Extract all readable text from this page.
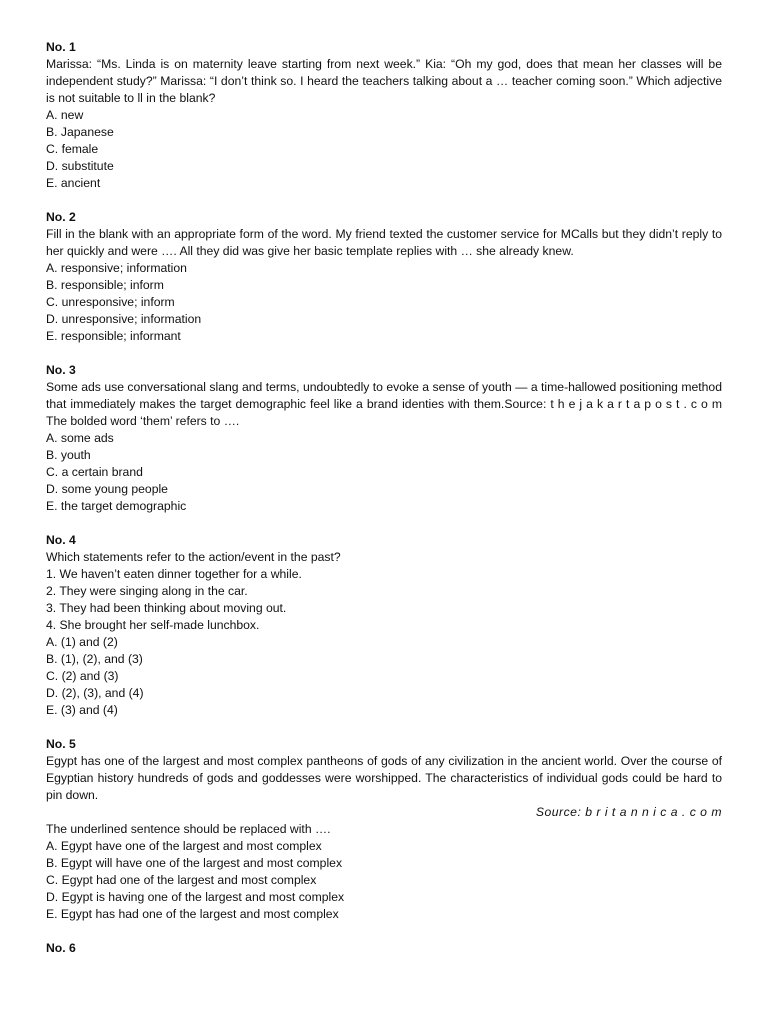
No. 1
Marissa: “Ms. Linda is on maternity leave starting from next week.” Kia: “Oh my god, does that mean her classes will be independent study?” Marissa: “I don’t think so. I heard the teachers talking about a … teacher coming soon.” Which adjective is not suitable to ll in the blank?
A. new
B. Japanese
C. female
D. substitute
E. ancient
No. 2
Fill in the blank with an appropriate form of the word. My friend texted the customer service for MCalls but they didn’t reply to her quickly and were …. All they did was give her basic template replies with … she already knew.
A. responsive; information
B. responsible; inform
C. unresponsive; inform
D. unresponsive; information
E. responsible; informant
No. 3
Some ads use conversational slang and terms, undoubtedly to evoke a sense of youth — a time-hallowed positioning method that immediately makes the target demographic feel like a brand identies with them.Source: t h e j a k a r t a p o s t . c o m The bolded word ‘them’ refers to ….
A. some ads
B. youth
C. a certain brand
D. some young people
E. the target demographic
No. 4
Which statements refer to the action/event in the past?
1. We haven’t eaten dinner together for a while.
2. They were singing along in the car.
3. They had been thinking about moving out.
4. She brought her self-made lunchbox.
A. (1) and (2)
B. (1), (2), and (3)
C. (2) and (3)
D. (2), (3), and (4)
E. (3) and (4)
No. 5
Egypt has one of the largest and most complex pantheons of gods of any civilization in the ancient world. Over the course of Egyptian history hundreds of gods and goddesses were worshipped. The characteristics of individual gods could be hard to pin down.
Source: b r i t a n n i c a . c o m
The underlined sentence should be replaced with ….
A. Egypt have one of the largest and most complex
B. Egypt will have one of the largest and most complex
C. Egypt had one of the largest and most complex
D. Egypt is having one of the largest and most complex
E. Egypt has had one of the largest and most complex
No. 6
